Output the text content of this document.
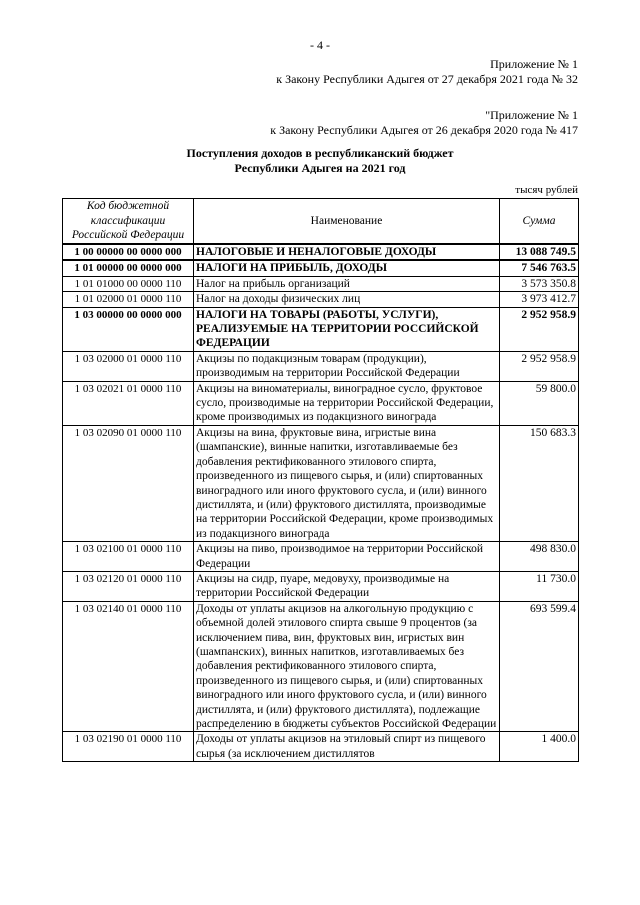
- 4 -
Приложение № 1
к Закону Республики Адыгея от 27 декабря 2021 года № 32
"Приложение № 1
к Закону Республики Адыгея от 26 декабря 2020 года № 417
Поступления доходов в республиканский бюджет
Республики Адыгея на 2021 год
тысяч рублей
Код бюджетной классификации Российской Федерации	Наименование	Сумма
1 00 00000 00 0000 000	НАЛОГОВЫЕ И НЕНАЛОГОВЫЕ ДОХОДЫ	13 088 749.5
1 01 00000 00 0000 000	НАЛОГИ НА ПРИБЫЛЬ, ДОХОДЫ	7 546 763.5
1 01 01000 00 0000 110	Налог на прибыль организаций	3 573 350.8
1 01 02000 01 0000 110	Налог на доходы физических лиц	3 973 412.7
1 03 00000 00 0000 000	НАЛОГИ НА ТОВАРЫ (РАБОТЫ, УСЛУГИ), РЕАЛИЗУЕМЫЕ НА ТЕРРИТОРИИ РОССИЙСКОЙ ФЕДЕРАЦИИ	2 952 958.9
1 03 02000 01 0000 110	Акцизы по подакцизным товарам (продукции), производимым на территории Российской Федерации	2 952 958.9
1 03 02021 01 0000 110	Акцизы на виноматериалы, виноградное сусло, фруктовое сусло, производимые на территории Российской Федерации, кроме производимых из подакцизного винограда	59 800.0
1 03 02090 01 0000 110	Акцизы на вина, фруктовые вина, игристые вина (шампанские), винные напитки, изготавливаемые без добавления ректификованного этилового спирта, произведенного из пищевого сырья, и (или) спиртованных виноградного или иного фруктового сусла, и (или) винного дистиллята, и (или) фруктового дистиллята, производимые на территории Российской Федерации, кроме производимых из подакцизного винограда	150 683.3
1 03 02100 01 0000 110	Акцизы на пиво, производимое на территории Российской Федерации	498 830.0
1 03 02120 01 0000 110	Акцизы на сидр, пуаре, медовуху, производимые на территории Российской Федерации	11 730.0
1 03 02140 01 0000 110	Доходы от уплаты акцизов на алкогольную продукцию с объемной долей этилового спирта свыше 9 процентов (за исключением пива, вин, фруктовых вин, игристых вин (шампанских), винных напитков, изготавливаемых без добавления ректификованного этилового спирта, произведенного из пищевого сырья, и (или) спиртованных виноградного или иного фруктового сусла, и (или) винного дистиллята, и (или) фруктового дистиллята), подлежащие распределению в бюджеты субъектов Российской Федерации	693 599.4
1 03 02190 01 0000 110	Доходы от уплаты акцизов на этиловый спирт из пищевого сырья (за исключением дистиллятов	1 400.0
